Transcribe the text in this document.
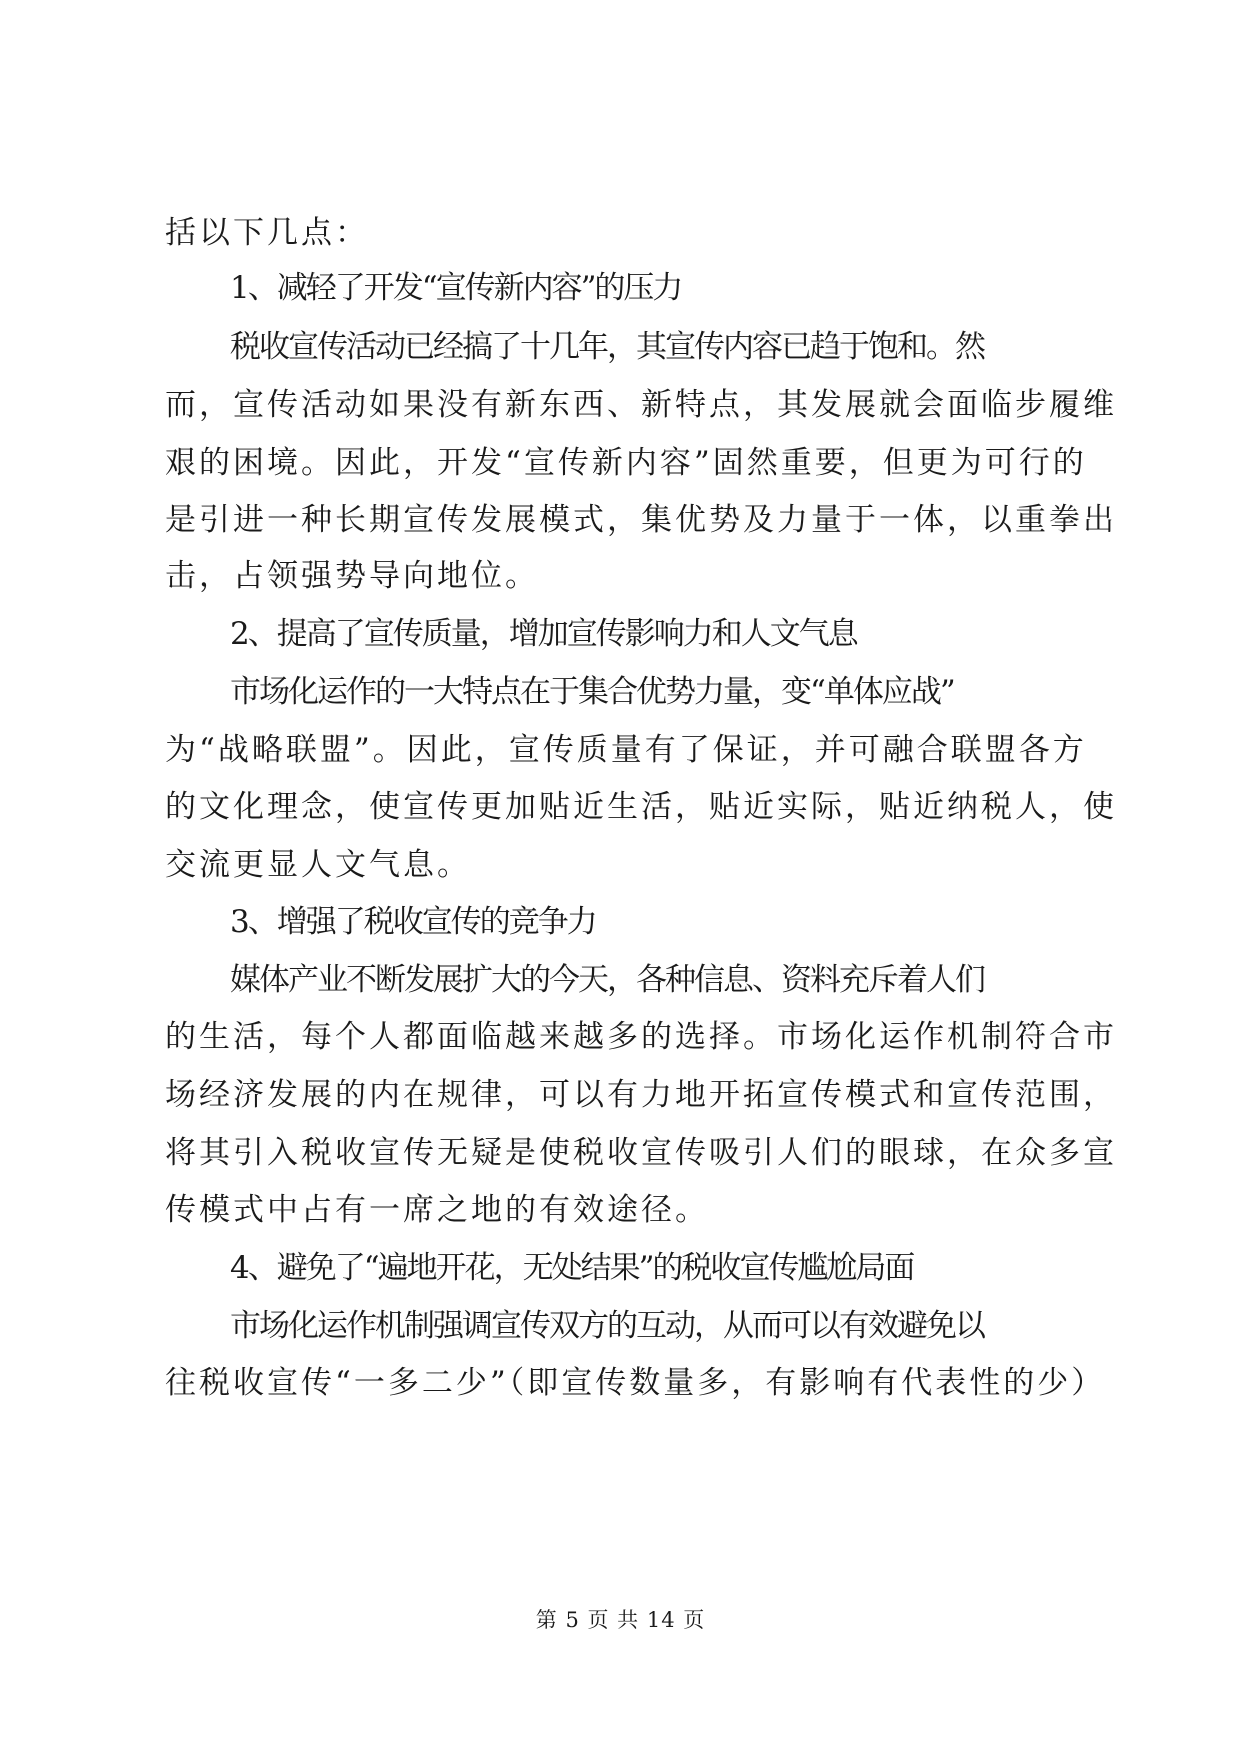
括以下几点：
1、减轻了开发“宣传新内容”的压力
税收宣传活动已经搞了十几年，其宣传内容已趋于饱和。然
而，宣传活动如果没有新东西、新特点，其发展就会面临步履维
艰的困境。因此，开发“宣传新内容”固然重要，但更为可行的
是引进一种长期宣传发展模式，集优势及力量于一体，以重拳出
击，占领强势导向地位。
2、提高了宣传质量，增加宣传影响力和人文气息
市场化运作的一大特点在于集合优势力量，变“单体应战”
为“战略联盟”。因此，宣传质量有了保证，并可融合联盟各方
的文化理念，使宣传更加贴近生活，贴近实际，贴近纳税人，使
交流更显人文气息。
3、增强了税收宣传的竞争力
媒体产业不断发展扩大的今天，各种信息、资料充斥着人们
的生活，每个人都面临越来越多的选择。市场化运作机制符合市
场经济发展的内在规律，可以有力地开拓宣传模式和宣传范围，
将其引入税收宣传无疑是使税收宣传吸引人们的眼球，在众多宣
传模式中占有一席之地的有效途径。
4、避免了“遍地开花，无处结果”的税收宣传尴尬局面
市场化运作机制强调宣传双方的互动，从而可以有效避免以
往税收宣传“一多二少”（即宣传数量多，有影响有代表性的少）
第 5 页 共 14 页
